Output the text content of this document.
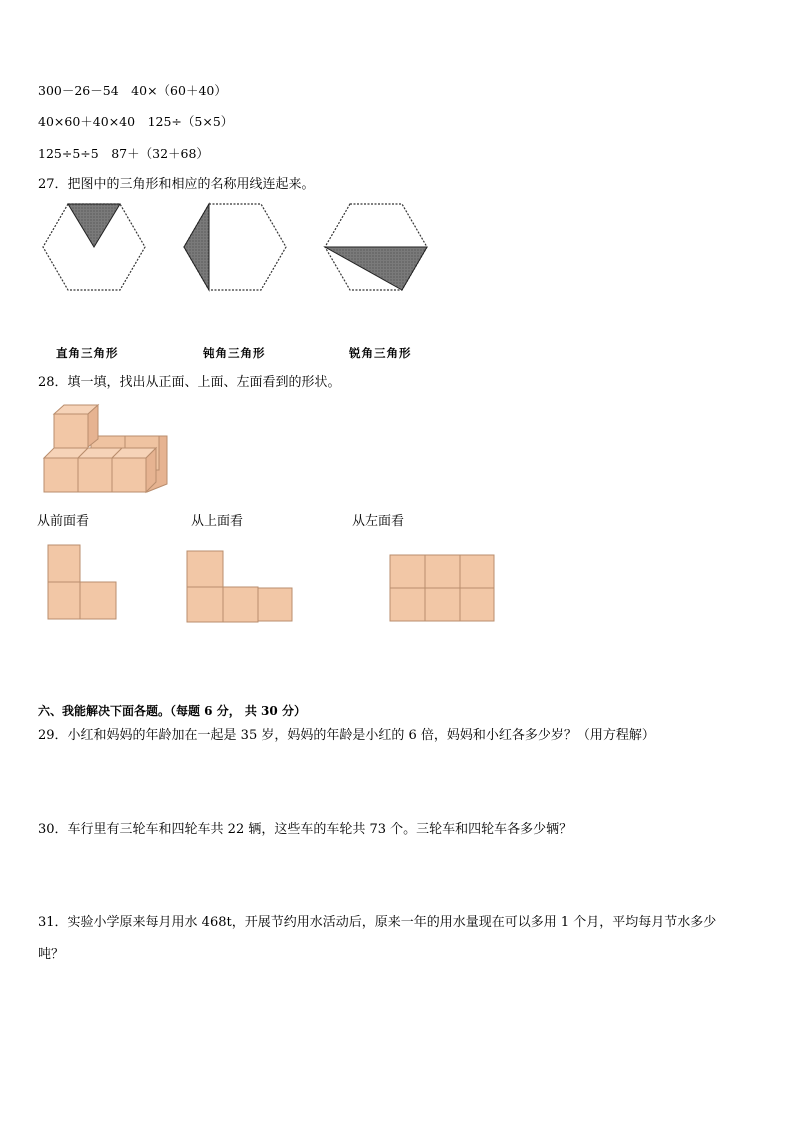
300－26－54　40×（60＋40）
40×60＋40×40　125÷（5×5）
125÷5÷5　87＋（32＋68）
27．把图中的三角形和相应的名称用线连起来。
直角三角形	钝角三角形	锐角三角形
28．填一填，找出从正面、上面、左面看到的形状。
从前面看	从上面看	从左面看
六、我能解决下面各题。（每题 6 分， 共 30 分）
29．小红和妈妈的年龄加在一起是 35 岁，妈妈的年龄是小红的 6 倍，妈妈和小红各多少岁？（用方程解）
30．车行里有三轮车和四轮车共 22 辆，这些车的车轮共 73 个。三轮车和四轮车各多少辆？
31．实验小学原来每月用水 468t，开展节约用水活动后，原来一年的用水量现在可以多用 1 个月，平均每月节水多少
吨？
